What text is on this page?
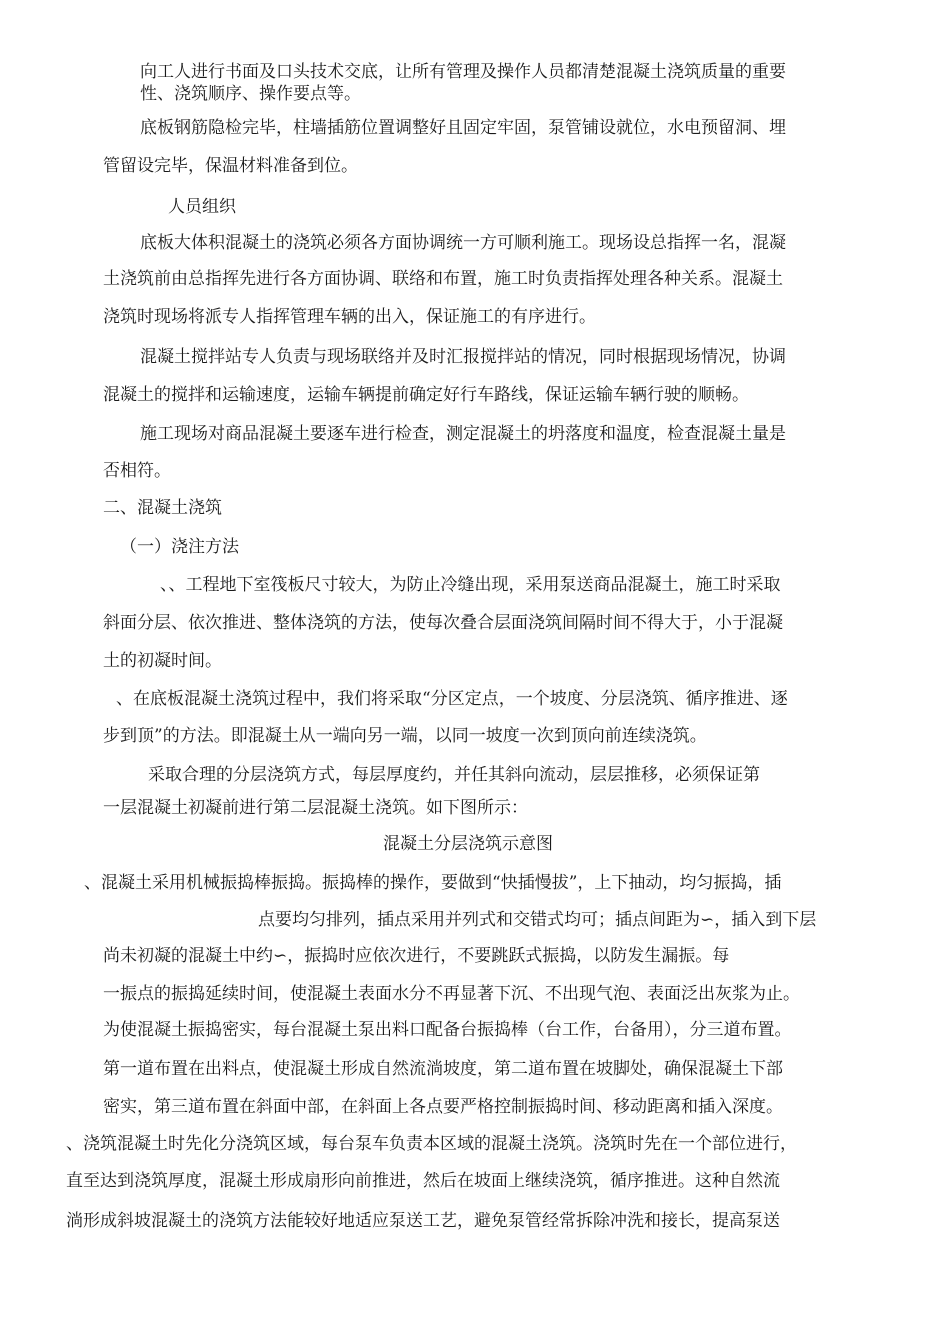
向工人进行书面及口头技术交底，让所有管理及操作人员都清楚混凝土浇筑质量的重要

性、浇筑顺序、操作要点等。

底板钢筋隐检完毕，柱墙插筋位置调整好且固定牢固，泵管铺设就位，水电预留洞、埋

管留设完毕，保温材料准备到位。

人员组织

底板大体积混凝土的浇筑必须各方面协调统一方可顺利施工。现场设总指挥一名，混凝

土浇筑前由总指挥先进行各方面协调、联络和布置，施工时负责指挥处理各种关系。混凝土

浇筑时现场将派专人指挥管理车辆的出入，保证施工的有序进行。

混凝土搅拌站专人负责与现场联络并及时汇报搅拌站的情况，同时根据现场情况，协调

混凝土的搅拌和运输速度，运输车辆提前确定好行车路线，保证运输车辆行驶的顺畅。

施工现场对商品混凝土要逐车进行检查，测定混凝土的坍落度和温度，检查混凝土量是

否相符。

二、混凝土浇筑

（一）浇注方法

、、工程地下室筏板尺寸较大，为防止冷缝出现，采用泵送商品混凝土，施工时采取

斜面分层、依次推进、整体浇筑的方法，使每次叠合层面浇筑间隔时间不得大于，小于混凝

土的初凝时间。

、在底板混凝土浇筑过程中，我们将采取“分区定点，一个坡度、分层浇筑、循序推进、逐

步到顶”的方法。即混凝土从一端向另一端，以同一坡度一次到顶向前连续浇筑。

采取合理的分层浇筑方式，每层厚度约，并任其斜向流动，层层推移，必须保证第

一层混凝土初凝前进行第二层混凝土浇筑。如下图所示：

混凝土分层浇筑示意图

、混凝土采用机械振捣棒振捣。振捣棒的操作，要做到“快插慢拔”，上下抽动，均匀振捣，插

点要均匀排列，插点采用并列式和交错式均可；插点间距为∽，插入到下层

尚未初凝的混凝土中约∽，振捣时应依次进行，不要跳跃式振捣，以防发生漏振。每

一振点的振捣延续时间，使混凝土表面水分不再显著下沉、不出现气泡、表面泛出灰浆为止。

为使混凝土振捣密实，每台混凝土泵出料口配备台振捣棒（台工作，台备用），分三道布置。

第一道布置在出料点，使混凝土形成自然流淌坡度，第二道布置在坡脚处，确保混凝土下部

密实，第三道布置在斜面中部，在斜面上各点要严格控制振捣时间、移动距离和插入深度。

、浇筑混凝土时先化分浇筑区域，每台泵车负责本区域的混凝土浇筑。浇筑时先在一个部位进行，

直至达到浇筑厚度，混凝土形成扇形向前推进，然后在坡面上继续浇筑，循序推进。这种自然流

淌形成斜坡混凝土的浇筑方法能较好地适应泵送工艺，避免泵管经常拆除冲洗和接长，提高泵送
